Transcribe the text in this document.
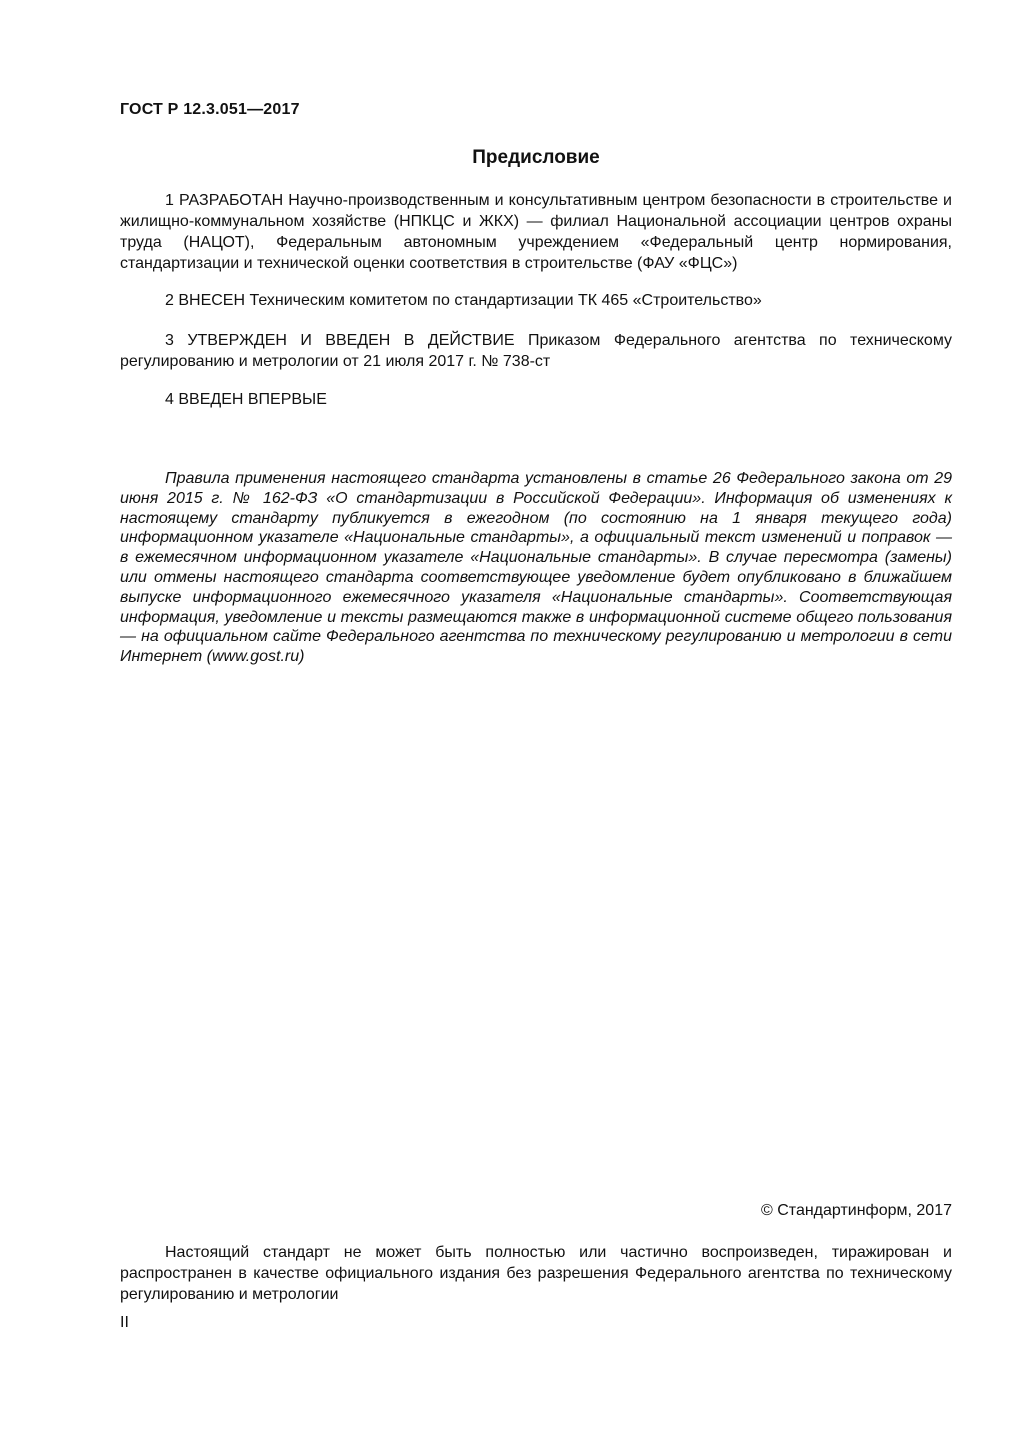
ГОСТ Р 12.3.051—2017
Предисловие

1 РАЗРАБОТАН Научно-производственным и консультативным центром безопасности в строительстве и жилищно-коммунальном хозяйстве (НПКЦС и ЖКХ) — филиал Национальной ассоциации центров охраны труда (НАЦОТ), Федеральным автономным учреждением «Федеральный центр нормирования, стандартизации и технической оценки соответствия в строительстве (ФАУ «ФЦС»)

2 ВНЕСЕН Техническим комитетом по стандартизации ТК 465 «Строительство»

3 УТВЕРЖДЕН И ВВЕДЕН В ДЕЙСТВИЕ Приказом Федерального агентства по техническому регулированию и метрологии от 21 июля 2017 г. № 738-ст

4 ВВЕДЕН ВПЕРВЫЕ

Правила применения настоящего стандарта установлены в статье 26 Федерального закона от 29 июня 2015 г. № 162-ФЗ «О стандартизации в Российской Федерации». Информация об изменениях к настоящему стандарту публикуется в ежегодном (по состоянию на 1 января текущего года) информационном указателе «Национальные стандарты», а официальный текст изменений и поправок — в ежемесячном информационном указателе «Национальные стандарты». В случае пересмотра (замены) или отмены настоящего стандарта соответствующее уведомление будет опубликовано в ближайшем выпуске информационного ежемесячного указателя «Национальные стандарты». Соответствующая информация, уведомление и тексты размещаются также в информационной системе общего пользования — на официальном сайте Федерального агентства по техническому регулированию и метрологии в сети Интернет (www.gost.ru)

© Стандартинформ, 2017

Настоящий стандарт не может быть полностью или частично воспроизведен, тиражирован и распространен в качестве официального издания без разрешения Федерального агентства по техническому регулированию и метрологии

II
